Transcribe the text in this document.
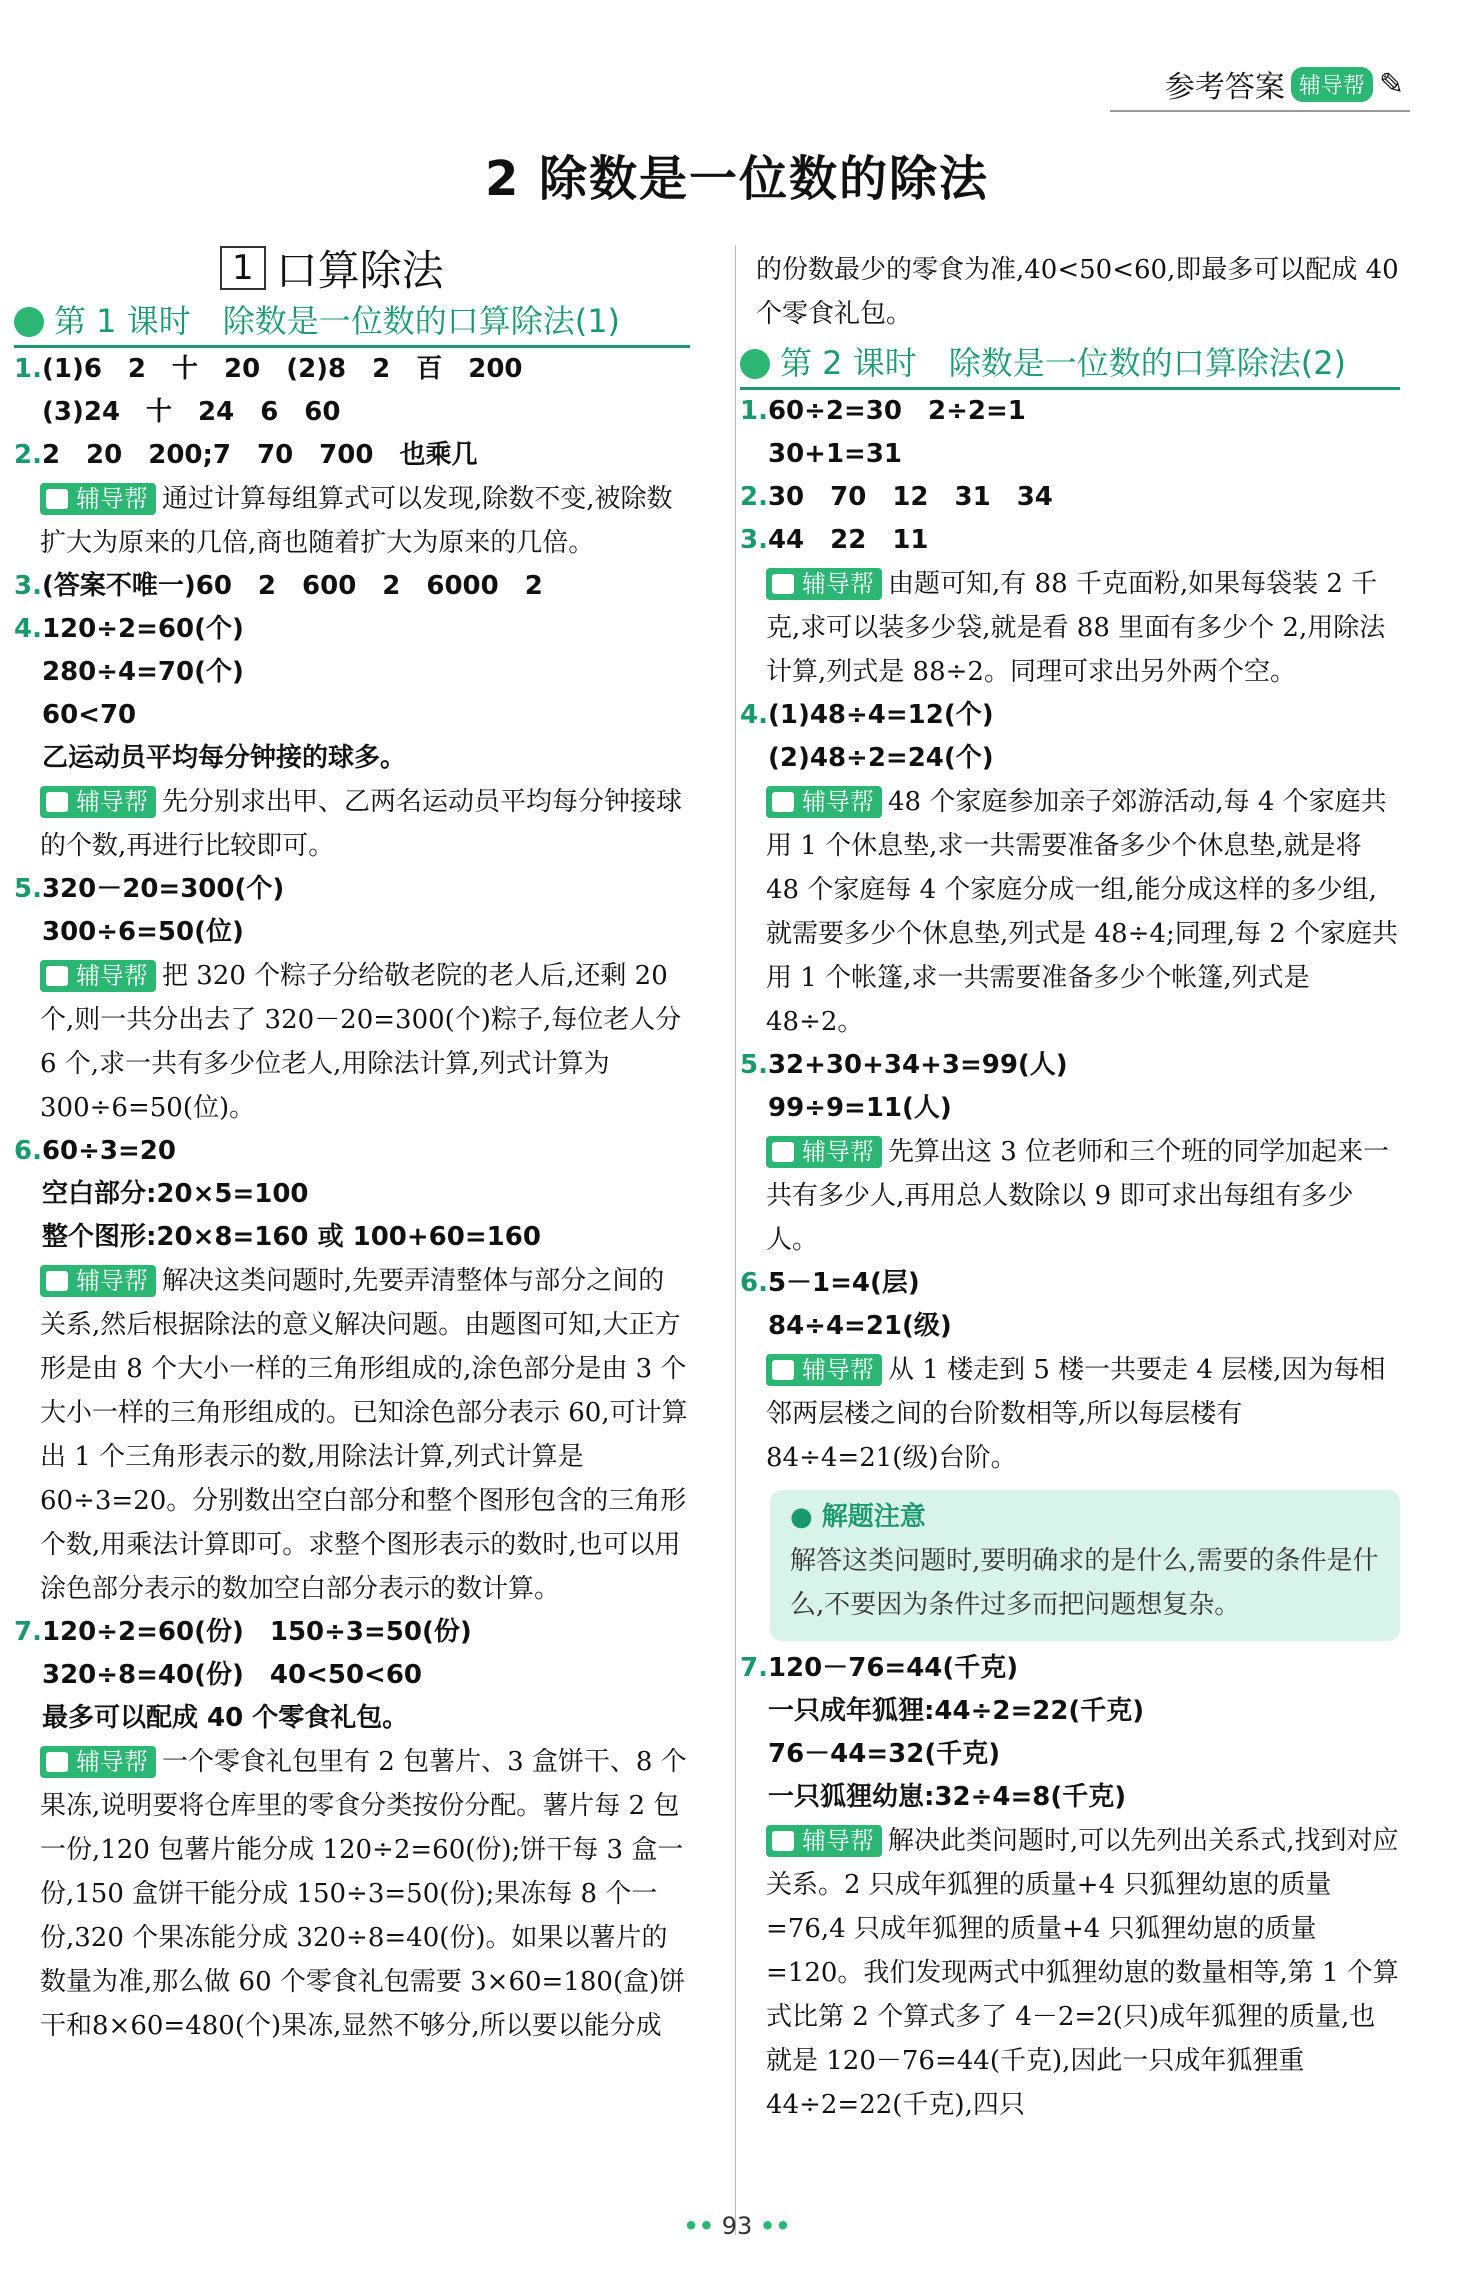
参考答案 辅导帮 ✎
2 除数是一位数的除法
1 口算除法
第 1 课时　除数是一位数的口算除法(1)
1.(1)6　2　十　20　(2)8　2　百　200
(3)24　十　24　6　60
2.2　20　200;7　70　700　也乘几
辅导帮 通过计算每组算式可以发现,除数不变,被除数扩大为原来的几倍,商也随着扩大为原来的几倍。
3.(答案不唯一)60　2　600　2　6000　2
4.120÷2=60(个)
280÷4=70(个)
60<70
乙运动员平均每分钟接的球多。
辅导帮 先分别求出甲、乙两名运动员平均每分钟接球的个数,再进行比较即可。
5.320－20=300(个)
300÷6=50(位)
辅导帮 把 320 个粽子分给敬老院的老人后,还剩 20 个,则一共分出去了 320－20=300(个)粽子,每位老人分 6 个,求一共有多少位老人,用除法计算,列式计算为 300÷6=50(位)。
6.60÷3=20
空白部分:20×5=100
整个图形:20×8=160 或 100+60=160
辅导帮 解决这类问题时,先要弄清整体与部分之间的关系,然后根据除法的意义解决问题。由题图可知,大正方形是由 8 个大小一样的三角形组成的,涂色部分是由 3 个大小一样的三角形组成的。已知涂色部分表示 60,可计算出 1 个三角形表示的数,用除法计算,列式计算是 60÷3=20。分别数出空白部分和整个图形包含的三角形个数,用乘法计算即可。求整个图形表示的数时,也可以用涂色部分表示的数加空白部分表示的数计算。
7.120÷2=60(份)　150÷3=50(份)
320÷8=40(份)　40<50<60
最多可以配成 40 个零食礼包。
辅导帮 一个零食礼包里有 2 包薯片、3 盒饼干、8 个果冻,说明要将仓库里的零食分类按份分配。薯片每 2 包一份,120 包薯片能分成 120÷2=60(份);饼干每 3 盒一份,150 盒饼干能分成 150÷3=50(份);果冻每 8 个一份,320 个果冻能分成 320÷8=40(份)。如果以薯片的数量为准,那么做 60 个零食礼包需要 3×60=180(盒)饼干和8×60=480(个)果冻,显然不够分,所以要以能分成
的份数最少的零食为准,40<50<60,即最多可以配成 40 个零食礼包。
第 2 课时　除数是一位数的口算除法(2)
1.60÷2=30　2÷2=1
30+1=31
2.30　70　12　31　34
3.44　22　11
辅导帮 由题可知,有 88 千克面粉,如果每袋装 2 千克,求可以装多少袋,就是看 88 里面有多少个 2,用除法计算,列式是 88÷2。同理可求出另外两个空。
4.(1)48÷4=12(个)
(2)48÷2=24(个)
辅导帮 48 个家庭参加亲子郊游活动,每 4 个家庭共用 1 个休息垫,求一共需要准备多少个休息垫,就是将 48 个家庭每 4 个家庭分成一组,能分成这样的多少组,就需要多少个休息垫,列式是 48÷4;同理,每 2 个家庭共用 1 个帐篷,求一共需要准备多少个帐篷,列式是48÷2。
5.32+30+34+3=99(人)
99÷9=11(人)
辅导帮 先算出这 3 位老师和三个班的同学加起来一共有多少人,再用总人数除以 9 即可求出每组有多少人。
6.5－1=4(层)
84÷4=21(级)
辅导帮 从 1 楼走到 5 楼一共要走 4 层楼,因为每相邻两层楼之间的台阶数相等,所以每层楼有 84÷4=21(级)台阶。
● 解题注意
解答这类问题时,要明确求的是什么,需要的条件是什么,不要因为条件过多而把问题想复杂。
7.120－76=44(千克)
一只成年狐狸:44÷2=22(千克)
76－44=32(千克)
一只狐狸幼崽:32÷4=8(千克)
辅导帮 解决此类问题时,可以先列出关系式,找到对应关系。2 只成年狐狸的质量+4 只狐狸幼崽的质量=76,4 只成年狐狸的质量+4 只狐狸幼崽的质量=120。我们发现两式中狐狸幼崽的数量相等,第 1 个算式比第 2 个算式多了 4－2=2(只)成年狐狸的质量,也就是 120－76=44(千克),因此一只成年狐狸重 44÷2=22(千克),四只
•• 93 ••
